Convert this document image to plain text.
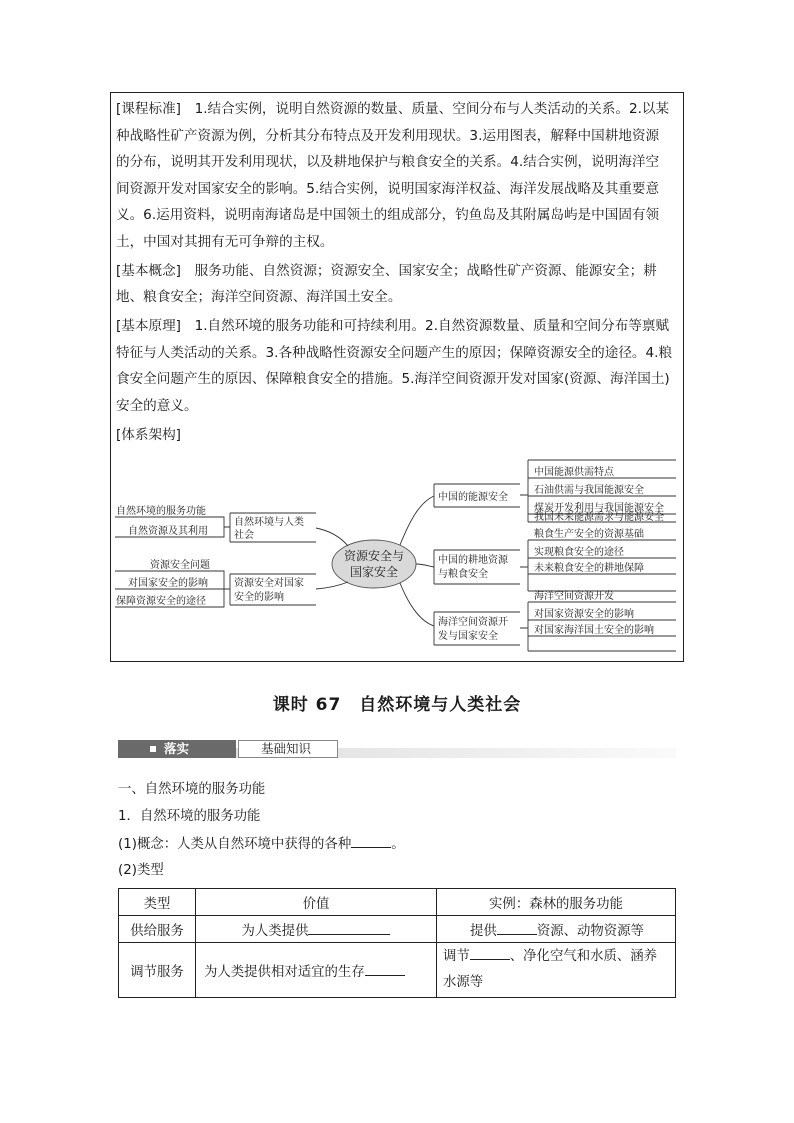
[课程标准]　1.结合实例，说明自然资源的数量、质量、空间分布与人类活动的关系。2.以某
种战略性矿产资源为例，分析其分布特点及开发利用现状。3.运用图表，解释中国耕地资源
的分布，说明其开发利用现状，以及耕地保护与粮食安全的关系。4.结合实例，说明海洋空
间资源开发对国家安全的影响。5.结合实例，说明国家海洋权益、海洋发展战略及其重要意
义。6.运用资料，说明南海诸岛是中国领土的组成部分，钓鱼岛及其附属岛屿是中国固有领
土，中国对其拥有无可争辩的主权。
[基本概念]　服务功能、自然资源；资源安全、国家安全；战略性矿产资源、能源安全；耕
地、粮食安全；海洋空间资源、海洋国土安全。
[基本原理]　1.自然环境的服务功能和可持续利用。2.自然资源数量、质量和空间分布等禀赋
特征与人类活动的关系。3.各种战略性资源安全问题产生的原因；保障资源安全的途径。4.粮
食安全问题产生的原因、保障粮食安全的措施。5.海洋空间资源开发对国家(资源、海洋国土)
安全的意义。
[体系架构]
资源安全与
国家安全
自然环境与人类
社会
资源安全对国家
安全的影响
自然环境的服务功能
自然资源及其利用
资源安全问题
对国家安全的影响
保障资源安全的途径
中国的能源安全
中国的耕地资源
与粮食安全
海洋空间资源开
发与国家安全
中国能源供需特点
石油供需与我国能源安全
煤炭开发利用与我国能源安全
粮食生产安全的资源基础
实现粮食安全的途径
未来粮食安全的耕地保障
海洋空间资源开发
对国家资源安全的影响
对国家海洋国土安全的影响
我国未来能源需求与能源安全
课时 67　自然环境与人类社会
落实	基础知识
一、自然环境的服务功能
1．自然环境的服务功能
(1)概念：人类从自然环境中获得的各种	。
(2)类型
类型	价值	实例：森林的服务功能
供给服务	为人类提供	提供 资源、动物资源等
调节服务	为人类提供相对适宜的生存	调节 、净化空气和水质、涵养
水源等
